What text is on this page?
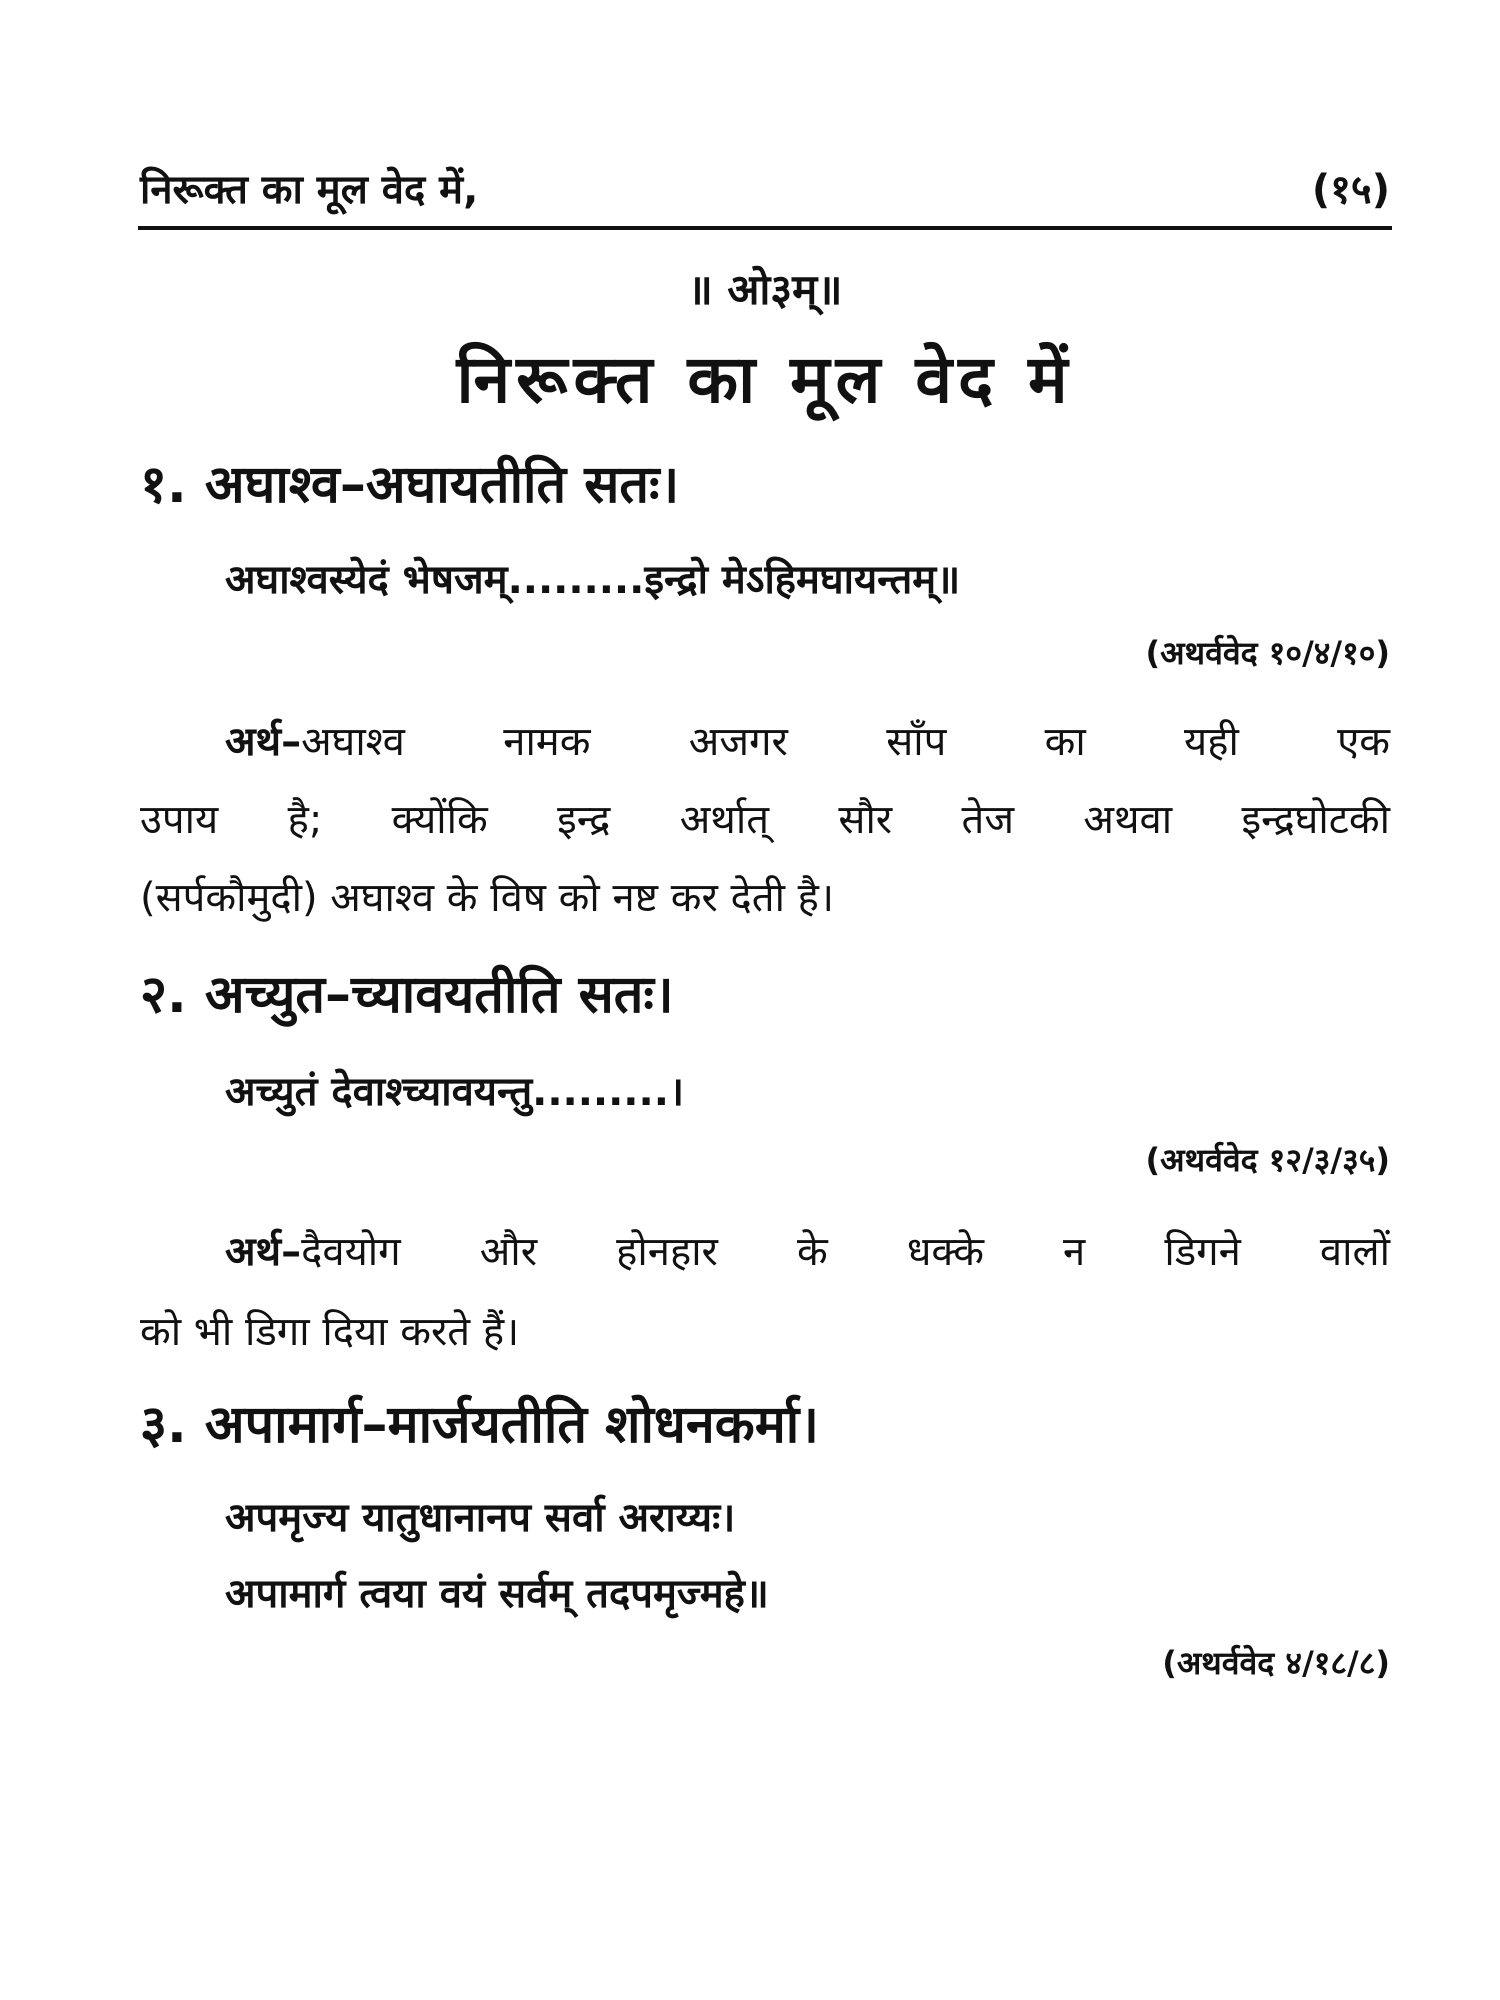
निरूक्त का मूल वेद में,	(१५)
॥ ओ३म्॥
निरूक्त का मूल वेद में
१. अघाश्व–अघायतीति सतः।
अघाश्वस्येदं भेषजम्.........इन्द्रो मेऽहिमघायन्तम्॥
(अथर्ववेद १०/४/१०)
अर्थ–अघाश्व नामक अजगर साँप का यही एक
उपाय है; क्योंकि इन्द्र अर्थात् सौर तेज अथवा इन्द्रघोटकी
(सर्पकौमुदी) अघाश्व के विष को नष्ट कर देती है।
२. अच्युत–च्यावयतीति सतः।
अच्युतं देवाश्च्यावयन्तु.........।
(अथर्ववेद १२/३/३५)
अर्थ–दैवयोग और होनहार के धक्के न डिगने वालों
को भी डिगा दिया करते हैं।
३. अपामार्ग–मार्जयतीति शोधनकर्मा।
अपमृज्य यातुधानानप सर्वा अराय्यः।
अपामार्ग त्वया वयं सर्वम् तदपमृज्महे॥
(अथर्ववेद ४/१८/८)
